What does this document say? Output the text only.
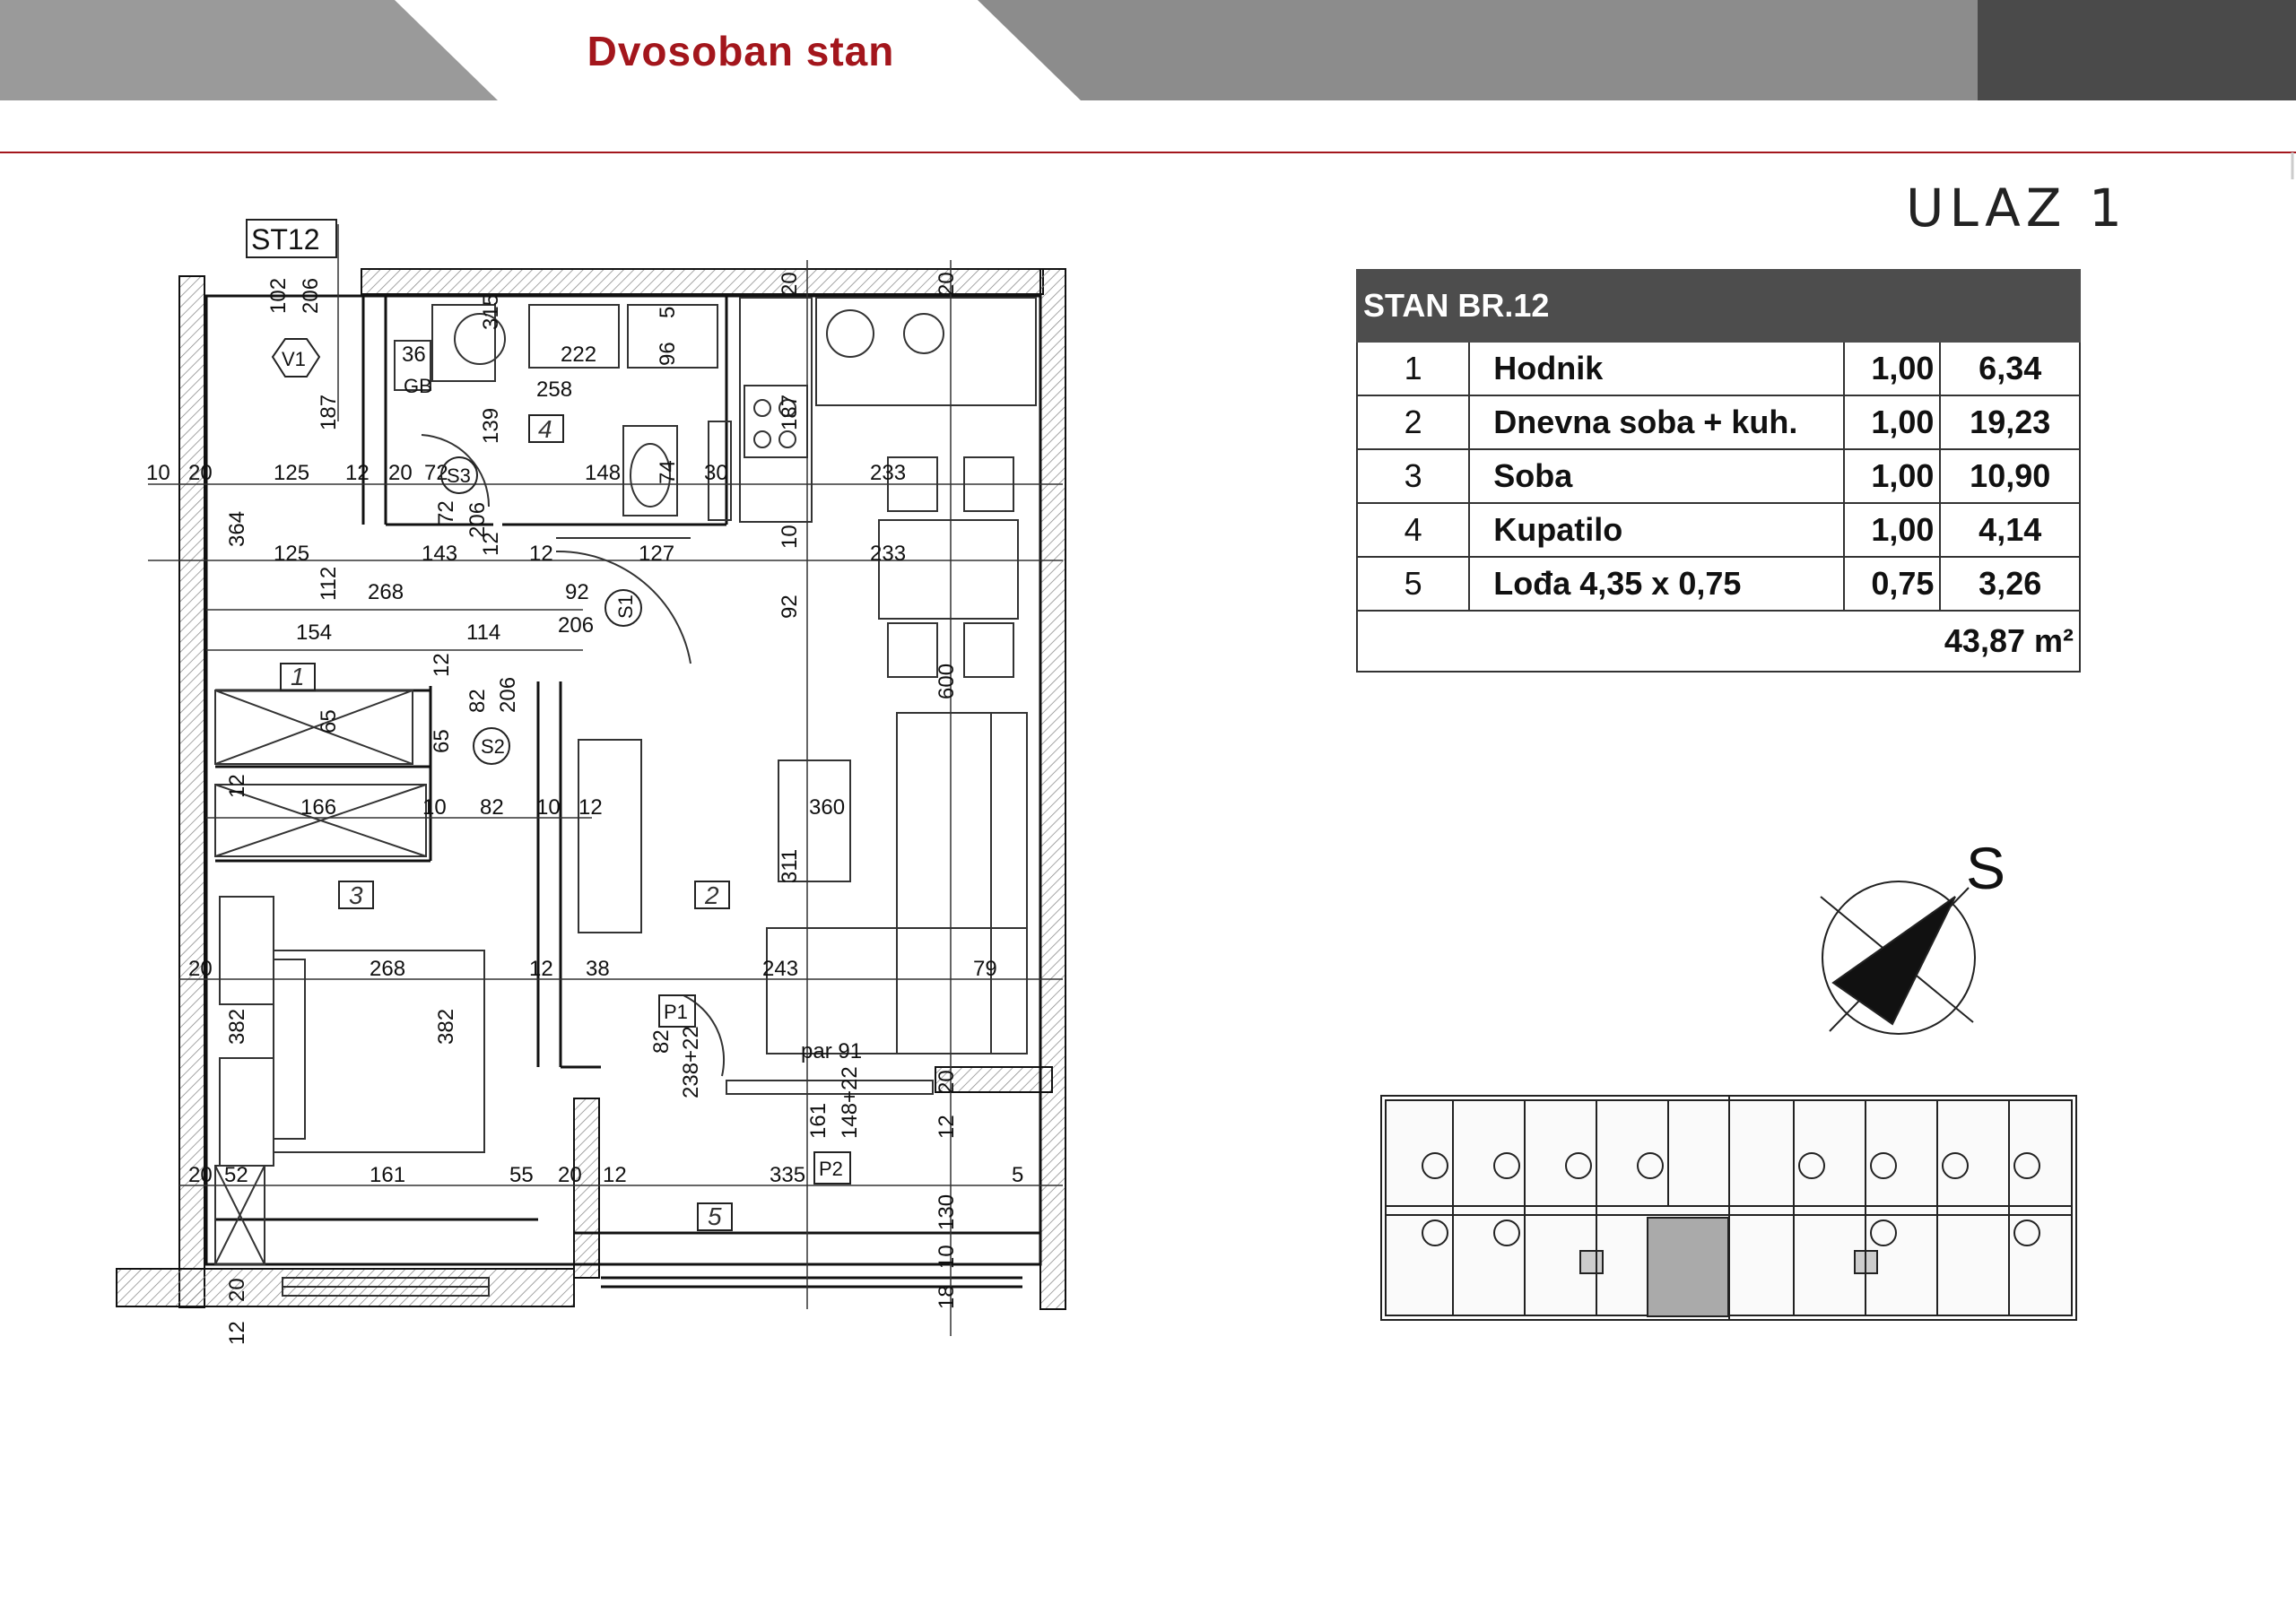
Dvosoban stan
ULAZ 1
10 20	125 12 20 72	148	30	233
125	143	12	127	233
268	92
206
154	114
166	10 82 10 12	360
268	12 38	243	79
20
20 52	161	55 20 12	335	5
36	222
258
par 91
GB
102 206
187
315	5
96
139	187
20	20
72 206
12
74
10
92
364
112
65
12
65
82 206
12
311
600
382	382	82 238+22
148+22
161
20
12
130
10
18
20
12
ST12
V1
S1
S2
S3
P1
P2
1
2
3
4
5
S
STAN BR.12			
1	Hodnik	1,00	6,34
2	Dnevna soba + kuh.	1,00	19,23
3	Soba	1,00	10,90
4	Kupatilo	1,00	4,14
5	Lođa 4,35 x 0,75	0,75	3,26
43,87 m²			
